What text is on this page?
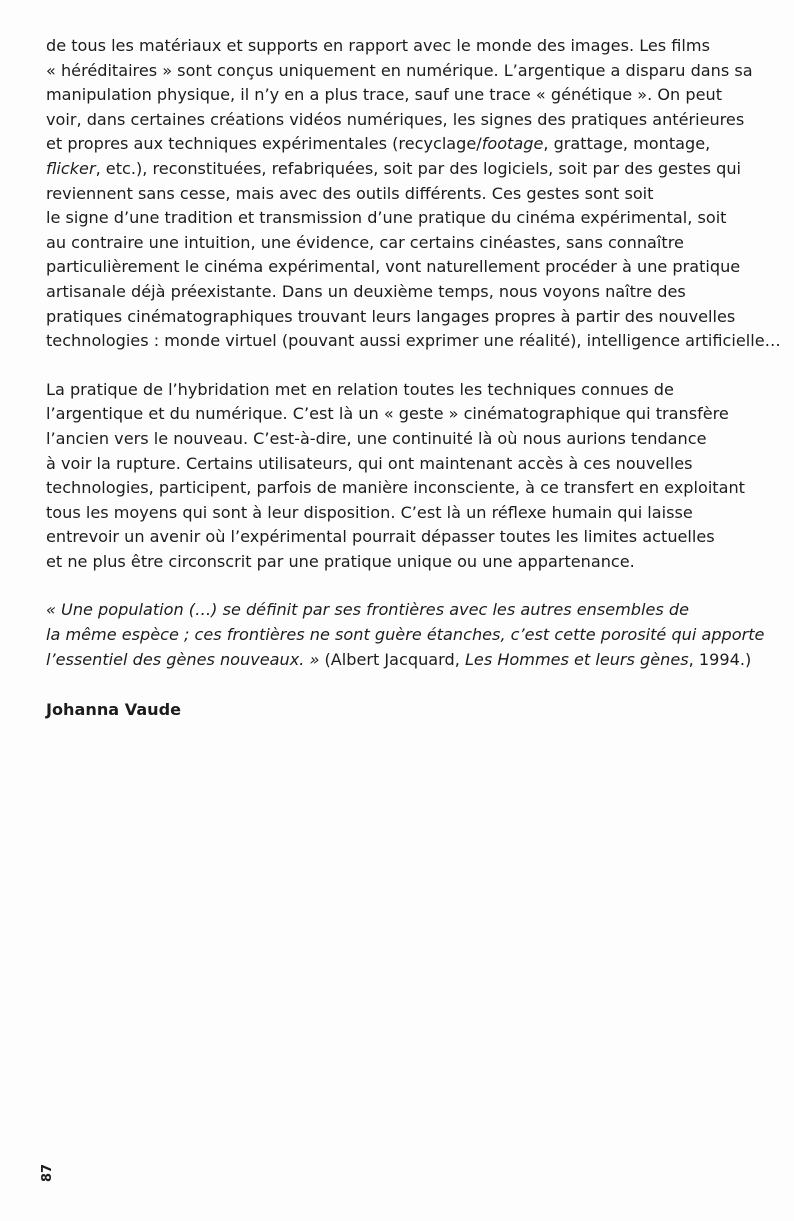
de tous les matériaux et supports en rapport avec le monde des images. Les films
« héréditaires » sont conçus uniquement en numérique. L’argentique a disparu dans sa
manipulation physique, il n’y en a plus trace, sauf une trace « génétique ». On peut
voir, dans certaines créations vidéos numériques, les signes des pratiques antérieures
et propres aux techniques expérimentales (recyclage/footage, grattage, montage,
flicker, etc.), reconstituées, refabriquées, soit par des logiciels, soit par des gestes qui
reviennent sans cesse, mais avec des outils différents. Ces gestes sont soit
le signe d’une tradition et transmission d’une pratique du cinéma expérimental, soit
au contraire une intuition, une évidence, car certains cinéastes, sans connaître
particulièrement le cinéma expérimental, vont naturellement procéder à une pratique
artisanale déjà préexistante. Dans un deuxième temps, nous voyons naître des
pratiques cinématographiques trouvant leurs langages propres à partir des nouvelles
technologies : monde virtuel (pouvant aussi exprimer une réalité), intelligence artificielle…
La pratique de l’hybridation met en relation toutes les techniques connues de
l’argentique et du numérique. C’est là un « geste » cinématographique qui transfère
l’ancien vers le nouveau. C’est-à-dire, une continuité là où nous aurions tendance
à voir la rupture. Certains utilisateurs, qui ont maintenant accès à ces nouvelles
technologies, participent, parfois de manière inconsciente, à ce transfert en exploitant
tous les moyens qui sont à leur disposition. C’est là un réflexe humain qui laisse
entrevoir un avenir où l’expérimental pourrait dépasser toutes les limites actuelles
et ne plus être circonscrit par une pratique unique ou une appartenance.
« Une population (…) se définit par ses frontières avec les autres ensembles de
la même espèce ; ces frontières ne sont guère étanches, c’est cette porosité qui apporte
l’essentiel des gènes nouveaux. » (Albert Jacquard, Les Hommes et leurs gènes, 1994.)
Johanna Vaude
87
